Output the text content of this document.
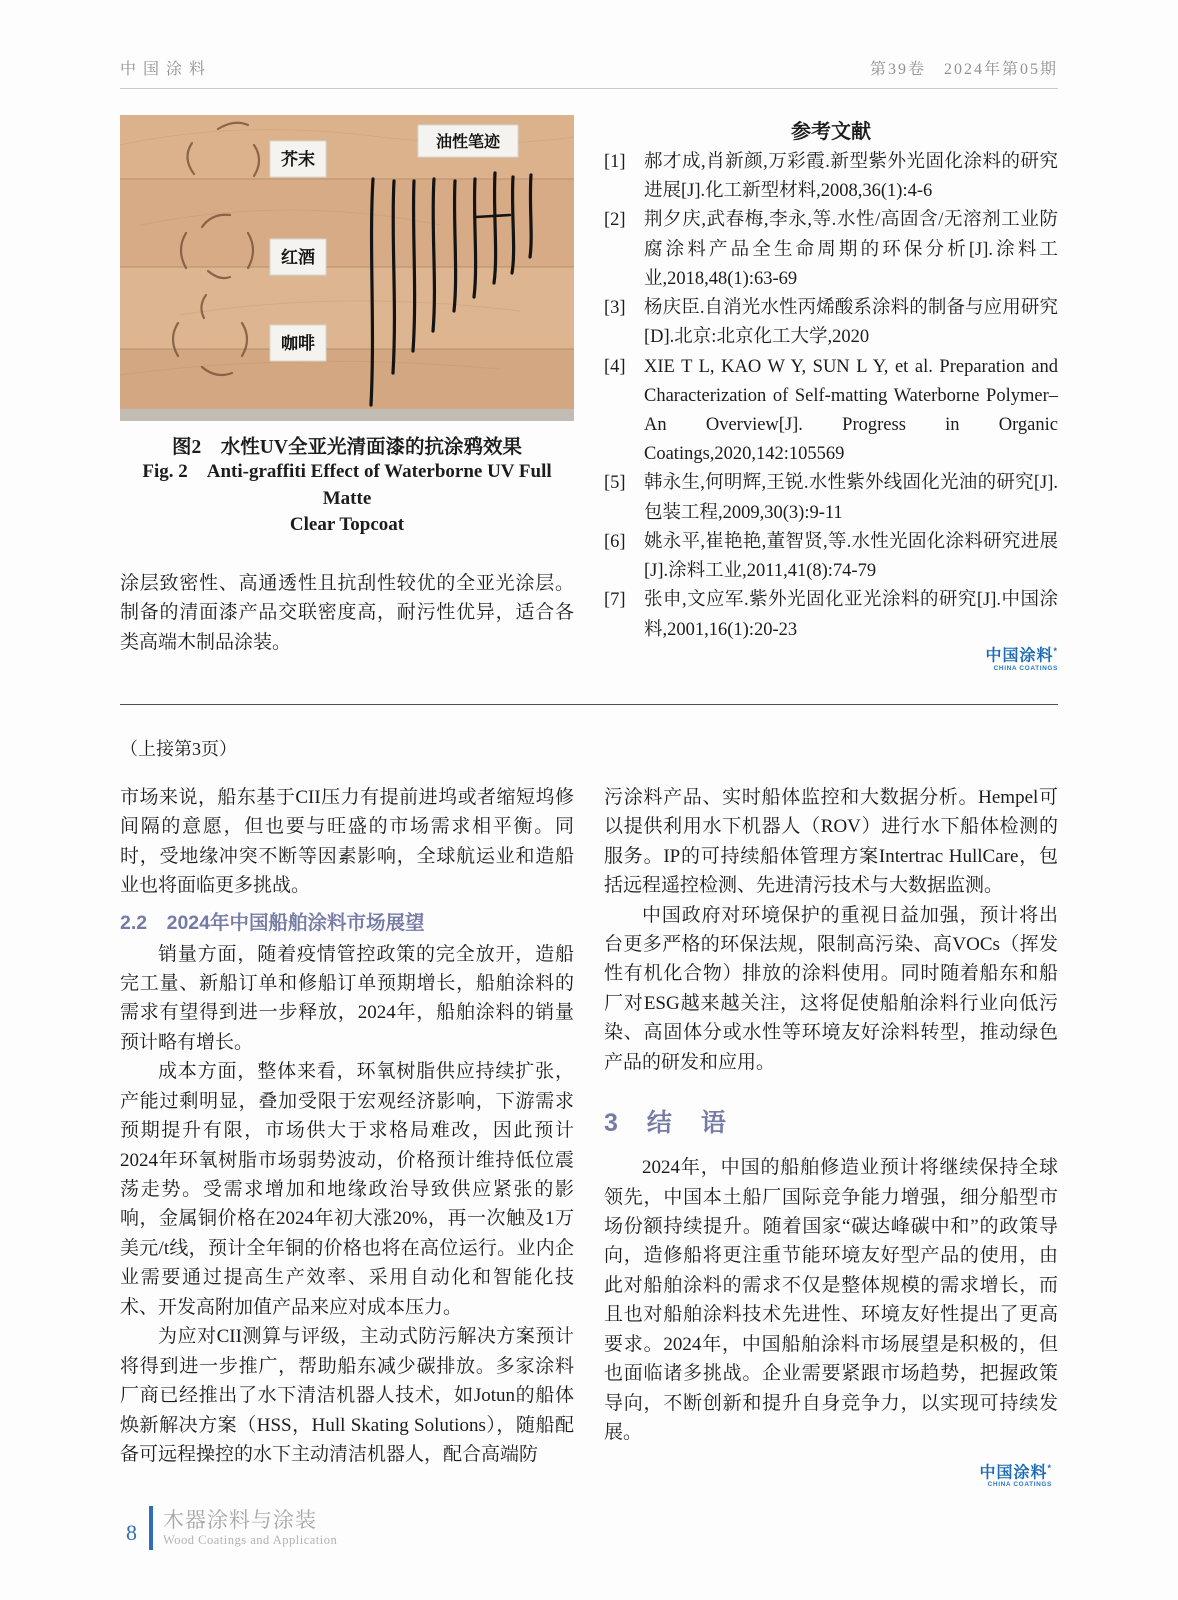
中国涂料	第39卷　2024年第05期
芥末
红酒
咖啡
油性笔迹
图2　水性UV全亚光清面漆的抗涂鸦效果
Fig. 2　Anti-graffiti Effect of Waterborne UV Full Matte
Clear Topcoat

涂层致密性、高通透性且抗刮性较优的全亚光涂层。制备的清面漆产品交联密度高，耐污性优异，适合各类高端木制品涂装。

参考文献
[1] 郝才成,肖新颜,万彩霞.新型紫外光固化涂料的研究进展[J].化工新型材料,2008,36(1):4-6
[2] 荆夕庆,武春梅,李永,等.水性/高固含/无溶剂工业防腐涂料产品全生命周期的环保分析[J].涂料工业,2018,48(1):63-69
[3] 杨庆臣.自消光水性丙烯酸系涂料的制备与应用研究[D].北京:北京化工大学,2020
[4] XIE T L, KAO W Y, SUN L Y, et al. Preparation and Characterization of Self-matting Waterborne Polymer–An Overview[J]. Progress in Organic Coatings,2020,142:105569
[5] 韩永生,何明辉,王锐.水性紫外线固化光油的研究[J].包装工程,2009,30(3):9-11
[6] 姚永平,崔艳艳,董智贤,等.水性光固化涂料研究进展[J].涂料工业,2011,41(8):74-79
[7] 张申,文应军.紫外光固化亚光涂料的研究[J].中国涂料,2001,16(1):20-23
中国涂料*
CHINA COATINGS
（上接第3页）

市场来说，船东基于CII压力有提前进坞或者缩短坞修间隔的意愿，但也要与旺盛的市场需求相平衡。同时，受地缘冲突不断等因素影响，全球航运业和造船业也将面临更多挑战。

2.2　2024年中国船舶涂料市场展望

销量方面，随着疫情管控政策的完全放开，造船完工量、新船订单和修船订单预期增长，船舶涂料的需求有望得到进一步释放，2024年，船舶涂料的销量预计略有增长。

成本方面，整体来看，环氧树脂供应持续扩张，产能过剩明显，叠加受限于宏观经济影响，下游需求预期提升有限，市场供大于求格局难改，因此预计2024年环氧树脂市场弱势波动，价格预计维持低位震荡走势。受需求增加和地缘政治导致供应紧张的影响，金属铜价格在2024年初大涨20%，再一次触及1万美元/t线，预计全年铜的价格也将在高位运行。业内企业需要通过提高生产效率、采用自动化和智能化技术、开发高附加值产品来应对成本压力。

为应对CII测算与评级，主动式防污解决方案预计将得到进一步推广，帮助船东减少碳排放。多家涂料厂商已经推出了水下清洁机器人技术，如Jotun的船体焕新解决方案（HSS，Hull Skating Solutions），随船配备可远程操控的水下主动清洁机器人，配合高端防

污涂料产品、实时船体监控和大数据分析。Hempel可以提供利用水下机器人（ROV）进行水下船体检测的服务。IP的可持续船体管理方案Intertrac HullCare，包括远程遥控检测、先进清污技术与大数据监测。

中国政府对环境保护的重视日益加强，预计将出台更多严格的环保法规，限制高污染、高VOCs（挥发性有机化合物）排放的涂料使用。同时随着船东和船厂对ESG越来越关注，这将促使船舶涂料行业向低污染、高固体分或水性等环境友好涂料转型，推动绿色产品的研发和应用。

3　结　语

2024年，中国的船舶修造业预计将继续保持全球领先，中国本土船厂国际竞争能力增强，细分船型市场份额持续提升。随着国家“碳达峰碳中和”的政策导向，造修船将更注重节能环境友好型产品的使用，由此对船舶涂料的需求不仅是整体规模的需求增长，而且也对船舶涂料技术先进性、环境友好性提出了更高要求。2024年，中国船舶涂料市场展望是积极的，但也面临诸多挑战。企业需要紧跟市场趋势，把握政策导向，不断创新和提升自身竞争力，以实现可持续发展。

中国涂料*
CHINA COATINGS
8
木器涂料与涂装
Wood Coatings and Application
